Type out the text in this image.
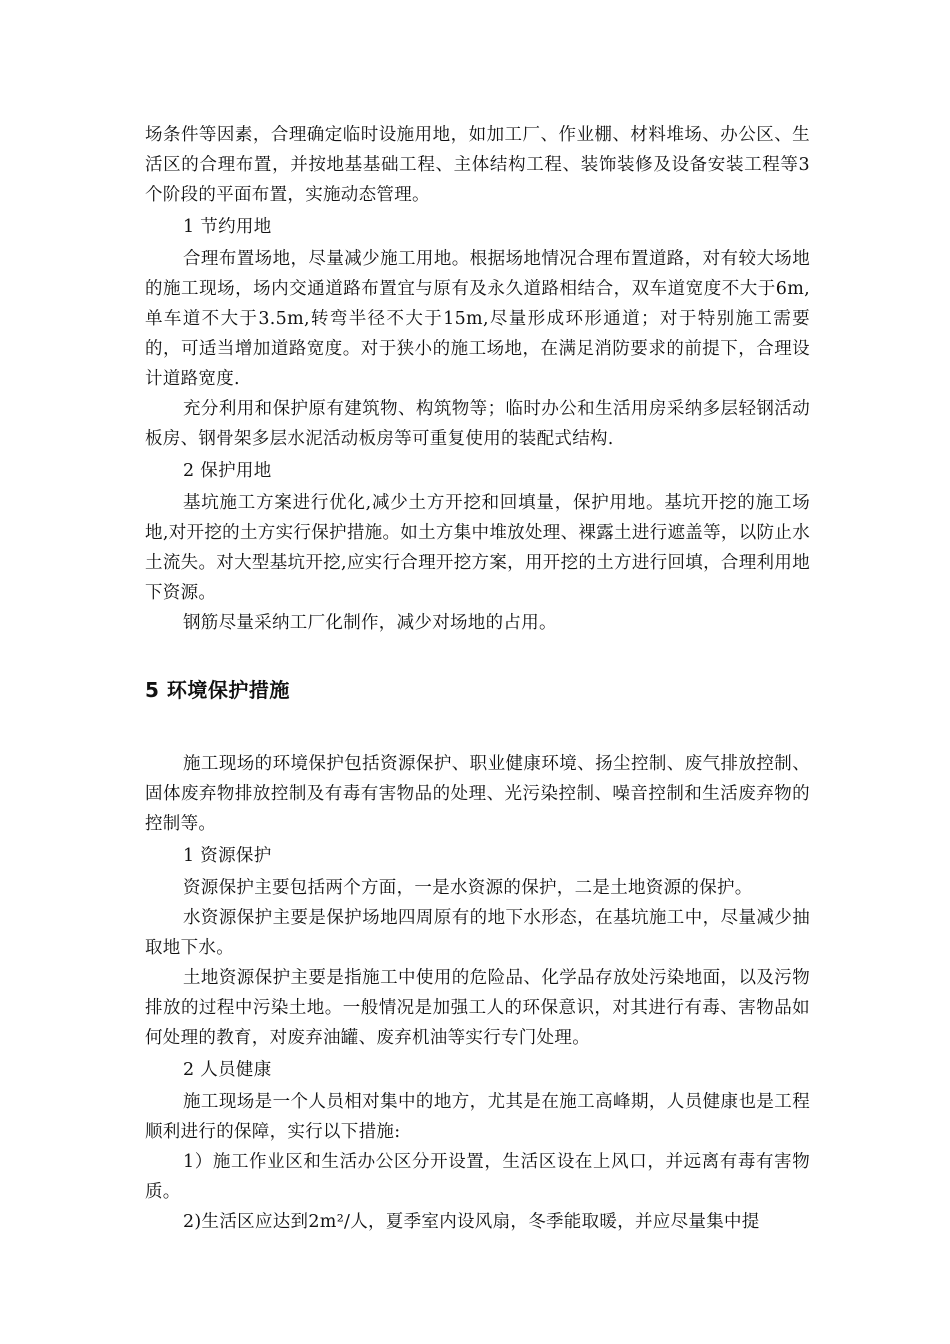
场条件等因素，合理确定临时设施用地，如加工厂、作业棚、材料堆场、办公区、生活区的合理布置，并按地基基础工程、主体结构工程、装饰装修及设备安装工程等3个阶段的平面布置，实施动态管理。

1 节约用地

合理布置场地，尽量减少施工用地。根据场地情况合理布置道路，对有较大场地的施工现场，场内交通道路布置宜与原有及永久道路相结合，双车道宽度不大于6m,单车道不大于3.5m,转弯半径不大于15m,尽量形成环形通道；对于特别施工需要的，可适当增加道路宽度。对于狭小的施工场地，在满足消防要求的前提下，合理设计道路宽度.

充分利用和保护原有建筑物、构筑物等；临时办公和生活用房采纳多层轻钢活动板房、钢骨架多层水泥活动板房等可重复使用的装配式结构.

2 保护用地

基坑施工方案进行优化,减少土方开挖和回填量，保护用地。基坑开挖的施工场地,对开挖的土方实行保护措施。如土方集中堆放处理、裸露土进行遮盖等，以防止水土流失。对大型基坑开挖,应实行合理开挖方案，用开挖的土方进行回填，合理利用地下资源。

钢筋尽量采纳工厂化制作，减少对场地的占用。

5 环境保护措施

施工现场的环境保护包括资源保护、职业健康环境、扬尘控制、废气排放控制、固体废弃物排放控制及有毒有害物品的处理、光污染控制、噪音控制和生活废弃物的控制等。

1 资源保护

资源保护主要包括两个方面，一是水资源的保护，二是土地资源的保护。

水资源保护主要是保护场地四周原有的地下水形态，在基坑施工中，尽量减少抽取地下水。

土地资源保护主要是指施工中使用的危险品、化学品存放处污染地面，以及污物排放的过程中污染土地。一般情况是加强工人的环保意识，对其进行有毒、害物品如何处理的教育，对废弃油罐、废弃机油等实行专门处理。

2 人员健康

施工现场是一个人员相对集中的地方，尤其是在施工高峰期，人员健康也是工程顺利进行的保障，实行以下措施:

1）施工作业区和生活办公区分开设置，生活区设在上风口，并远离有毒有害物质。

2)生活区应达到2m²/人，夏季室内设风扇，冬季能取暖，并应尽量集中提
